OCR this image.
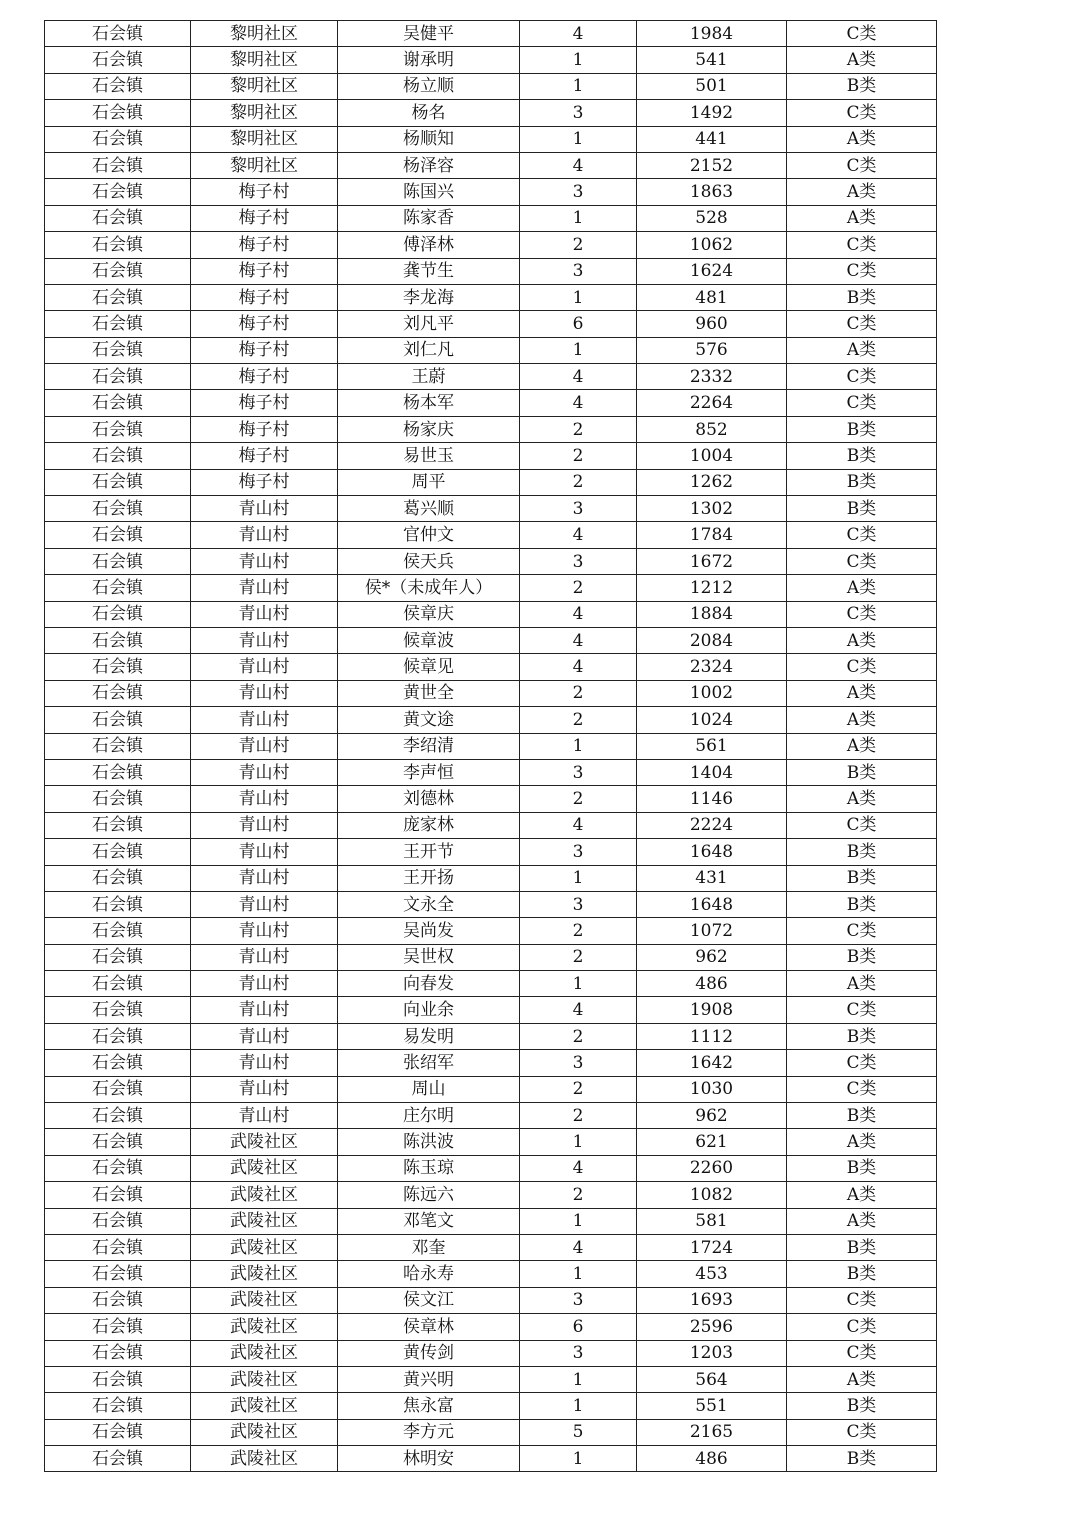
石会镇	黎明社区	吴健平	4	1984	C类
石会镇	黎明社区	谢承明	1	541	A类
石会镇	黎明社区	杨立顺	1	501	B类
石会镇	黎明社区	杨名	3	1492	C类
石会镇	黎明社区	杨顺知	1	441	A类
石会镇	黎明社区	杨泽容	4	2152	C类
石会镇	梅子村	陈国兴	3	1863	A类
石会镇	梅子村	陈家香	1	528	A类
石会镇	梅子村	傅泽林	2	1062	C类
石会镇	梅子村	龚节生	3	1624	C类
石会镇	梅子村	李龙海	1	481	B类
石会镇	梅子村	刘凡平	6	960	C类
石会镇	梅子村	刘仁凡	1	576	A类
石会镇	梅子村	王蔚	4	2332	C类
石会镇	梅子村	杨本军	4	2264	C类
石会镇	梅子村	杨家庆	2	852	B类
石会镇	梅子村	易世玉	2	1004	B类
石会镇	梅子村	周平	2	1262	B类
石会镇	青山村	葛兴顺	3	1302	B类
石会镇	青山村	官仲文	4	1784	C类
石会镇	青山村	侯天兵	3	1672	C类
石会镇	青山村	侯*（未成年人）	2	1212	A类
石会镇	青山村	侯章庆	4	1884	C类
石会镇	青山村	候章波	4	2084	A类
石会镇	青山村	候章见	4	2324	C类
石会镇	青山村	黄世全	2	1002	A类
石会镇	青山村	黄文途	2	1024	A类
石会镇	青山村	李绍清	1	561	A类
石会镇	青山村	李声恒	3	1404	B类
石会镇	青山村	刘德林	2	1146	A类
石会镇	青山村	庞家林	4	2224	C类
石会镇	青山村	王开节	3	1648	B类
石会镇	青山村	王开扬	1	431	B类
石会镇	青山村	文永全	3	1648	B类
石会镇	青山村	吴尚发	2	1072	C类
石会镇	青山村	吴世权	2	962	B类
石会镇	青山村	向春发	1	486	A类
石会镇	青山村	向业余	4	1908	C类
石会镇	青山村	易发明	2	1112	B类
石会镇	青山村	张绍军	3	1642	C类
石会镇	青山村	周山	2	1030	C类
石会镇	青山村	庄尔明	2	962	B类
石会镇	武陵社区	陈洪波	1	621	A类
石会镇	武陵社区	陈玉琼	4	2260	B类
石会镇	武陵社区	陈远六	2	1082	A类
石会镇	武陵社区	邓笔文	1	581	A类
石会镇	武陵社区	邓奎	4	1724	B类
石会镇	武陵社区	哈永寿	1	453	B类
石会镇	武陵社区	侯文江	3	1693	C类
石会镇	武陵社区	侯章林	6	2596	C类
石会镇	武陵社区	黄传剑	3	1203	C类
石会镇	武陵社区	黄兴明	1	564	A类
石会镇	武陵社区	焦永富	1	551	B类
石会镇	武陵社区	李方元	5	2165	C类
石会镇	武陵社区	林明安	1	486	B类
